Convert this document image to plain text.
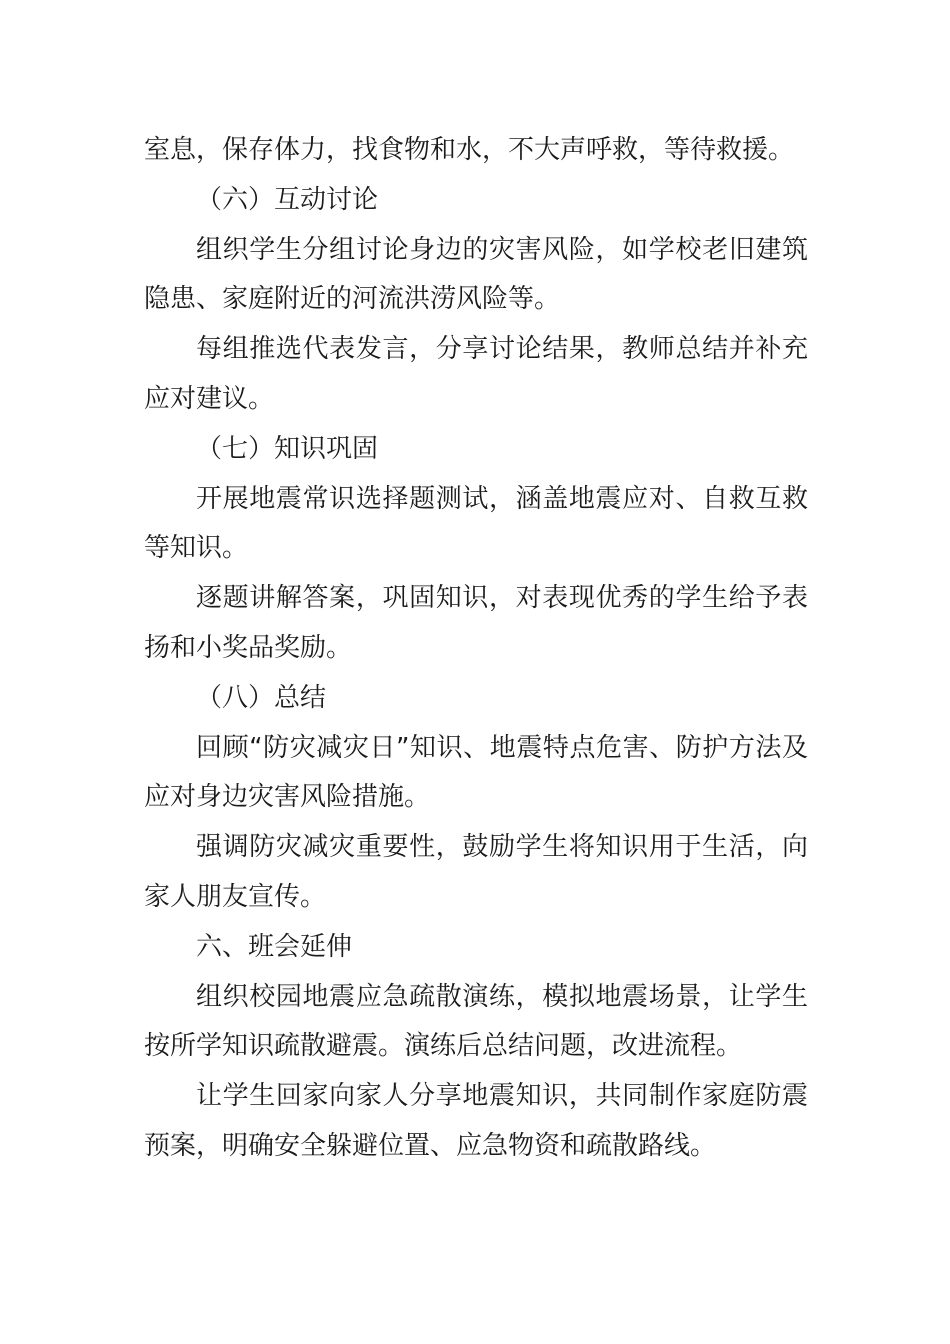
室息，保存体力，找食物和水，不大声呼救，等待救援。

（六）互动讨论

组织学生分组讨论身边的灾害风险，如学校老旧建筑隐患、家庭附近的河流洪涝风险等。

每组推选代表发言，分享讨论结果，教师总结并补充应对建议。

（七）知识巩固

开展地震常识选择题测试，涵盖地震应对、自救互救等知识。

逐题讲解答案，巩固知识，对表现优秀的学生给予表扬和小奖品奖励。

（八）总结

回顾“防灾减灾日”知识、地震特点危害、防护方法及应对身边灾害风险措施。

强调防灾减灾重要性，鼓励学生将知识用于生活，向家人朋友宣传。

六、班会延伸

组织校园地震应急疏散演练，模拟地震场景，让学生按所学知识疏散避震。演练后总结问题，改进流程。

让学生回家向家人分享地震知识，共同制作家庭防震预案，明确安全躲避位置、应急物资和疏散路线。
